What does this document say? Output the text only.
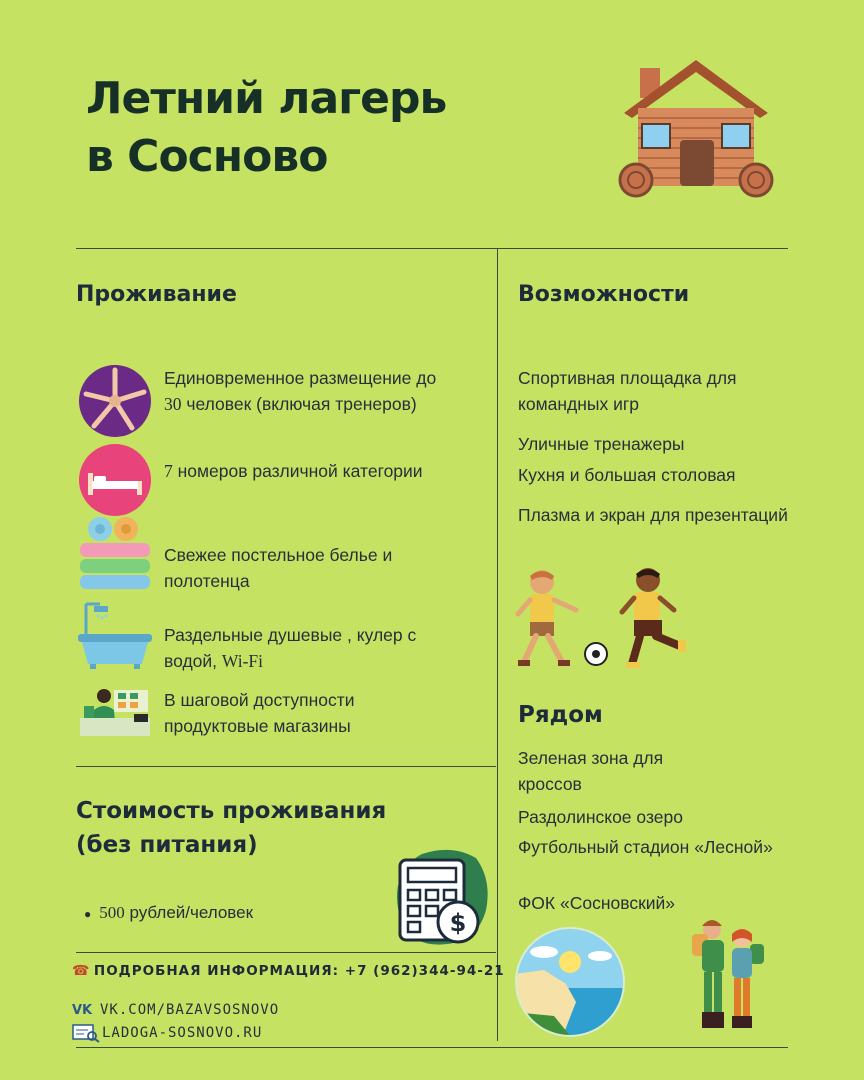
Летний лагерь
в Сосново
Проживание
Единовременное размещение до
30 человек (включая тренеров)
7 номеров различной категории
Свежее постельное белье и
полотенца
Раздельные душевые , кулер с
водой, Wi-Fi
В шаговой доступности
продуктовые магазины
Стоимость проживания
(без питания)
● 500 рублей/человек	$
☎ ПОДРОБНАЯ ИНФОРМАЦИЯ: +7 (962)344-94-21
VK VK.COM/BAZAVSOSNOVO
LADOGA-SOSNOVO.RU
Возможности
Спортивная площадка для
командных игр
Уличные тренажеры
Кухня и большая столовая
Плазма и экран для презентаций
Рядом
Зеленая зона для
кроссов
Раздолинское озеро
Футбольный стадион «Лесной»
ФОК «Сосновский»
